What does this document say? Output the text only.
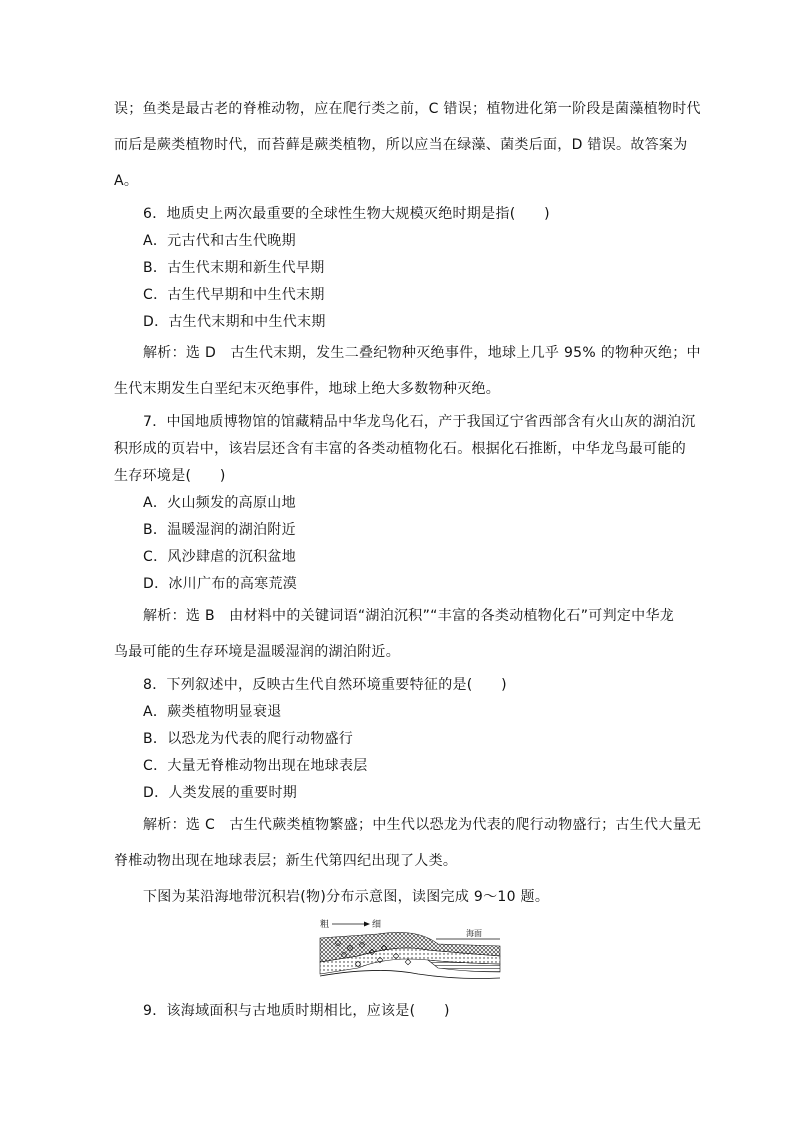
误；鱼类是最古老的脊椎动物，应在爬行类之前，C 错误；植物进化第一阶段是菌藻植物时代
而后是蕨类植物时代，而苔藓是蕨类植物，所以应当在绿藻、菌类后面，D 错误。故答案为
A。
6．地质史上两次最重要的全球性生物大规模灭绝时期是指(　　)
A．元古代和古生代晚期
B．古生代末期和新生代早期
C．古生代早期和中生代末期
D．古生代末期和中生代末期
解析：选 D　古生代末期，发生二叠纪物种灭绝事件，地球上几乎 95% 的物种灭绝；中
生代末期发生白垩纪末灭绝事件，地球上绝大多数物种灭绝。
7．中国地质博物馆的馆藏精品中华龙鸟化石，产于我国辽宁省西部含有火山灰的湖泊沉
积形成的页岩中，该岩层还含有丰富的各类动植物化石。根据化石推断，中华龙鸟最可能的
生存环境是(　　)
A．火山频发的高原山地
B．温暖湿润的湖泊附近
C．风沙肆虐的沉积盆地
D．冰川广布的高寒荒漠
解析：选 B　由材料中的关键词语“湖泊沉积”“丰富的各类动植物化石”可判定中华龙
鸟最可能的生存环境是温暖湿润的湖泊附近。
8．下列叙述中，反映古生代自然环境重要特征的是(　　)
A．蕨类植物明显衰退
B．以恐龙为代表的爬行动物盛行
C．大量无脊椎动物出现在地球表层
D．人类发展的重要时期
解析：选 C　古生代蕨类植物繁盛；中生代以恐龙为代表的爬行动物盛行；古生代大量无
脊椎动物出现在地球表层；新生代第四纪出现了人类。
下图为某沿海地带沉积岩(物)分布示意图，读图完成 9～10 题。
粗	细
海面
9．该海域面积与古地质时期相比，应该是(　　)
